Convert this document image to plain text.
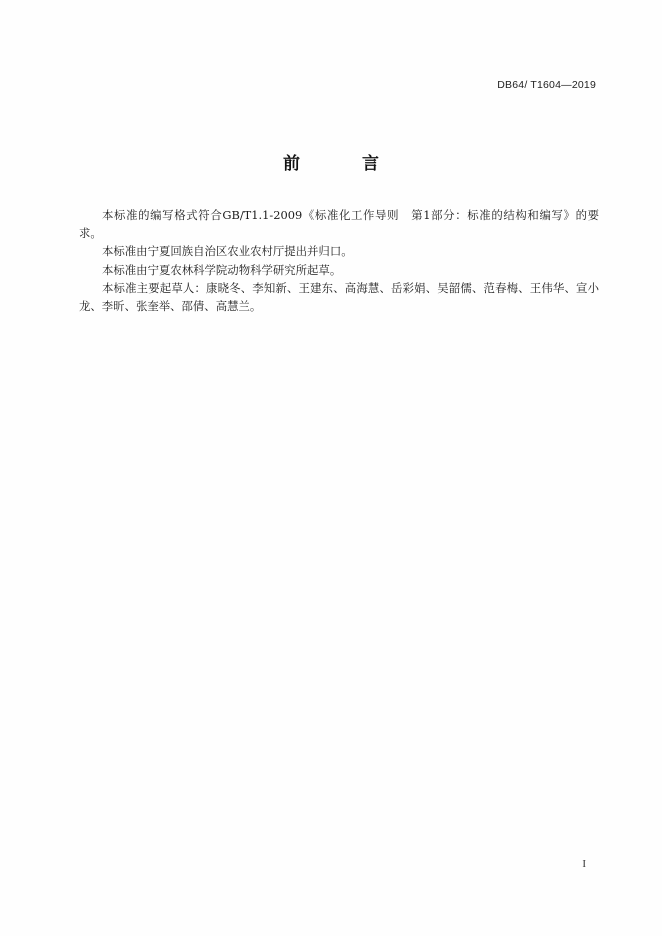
DB64/ T1604—2019
前 言

本标准的编写格式符合GB/T1.1-2009《标准化工作导则　第1部分：标准的结构和编写》的要求。

本标准由宁夏回族自治区农业农村厅提出并归口。

本标准由宁夏农林科学院动物科学研究所起草。

本标准主要起草人：康晓冬、李知新、王建东、高海慧、岳彩娟、吴韶儒、范春梅、王伟华、宣小龙、李昕、张奎举、邵倩、高慧兰。

I
